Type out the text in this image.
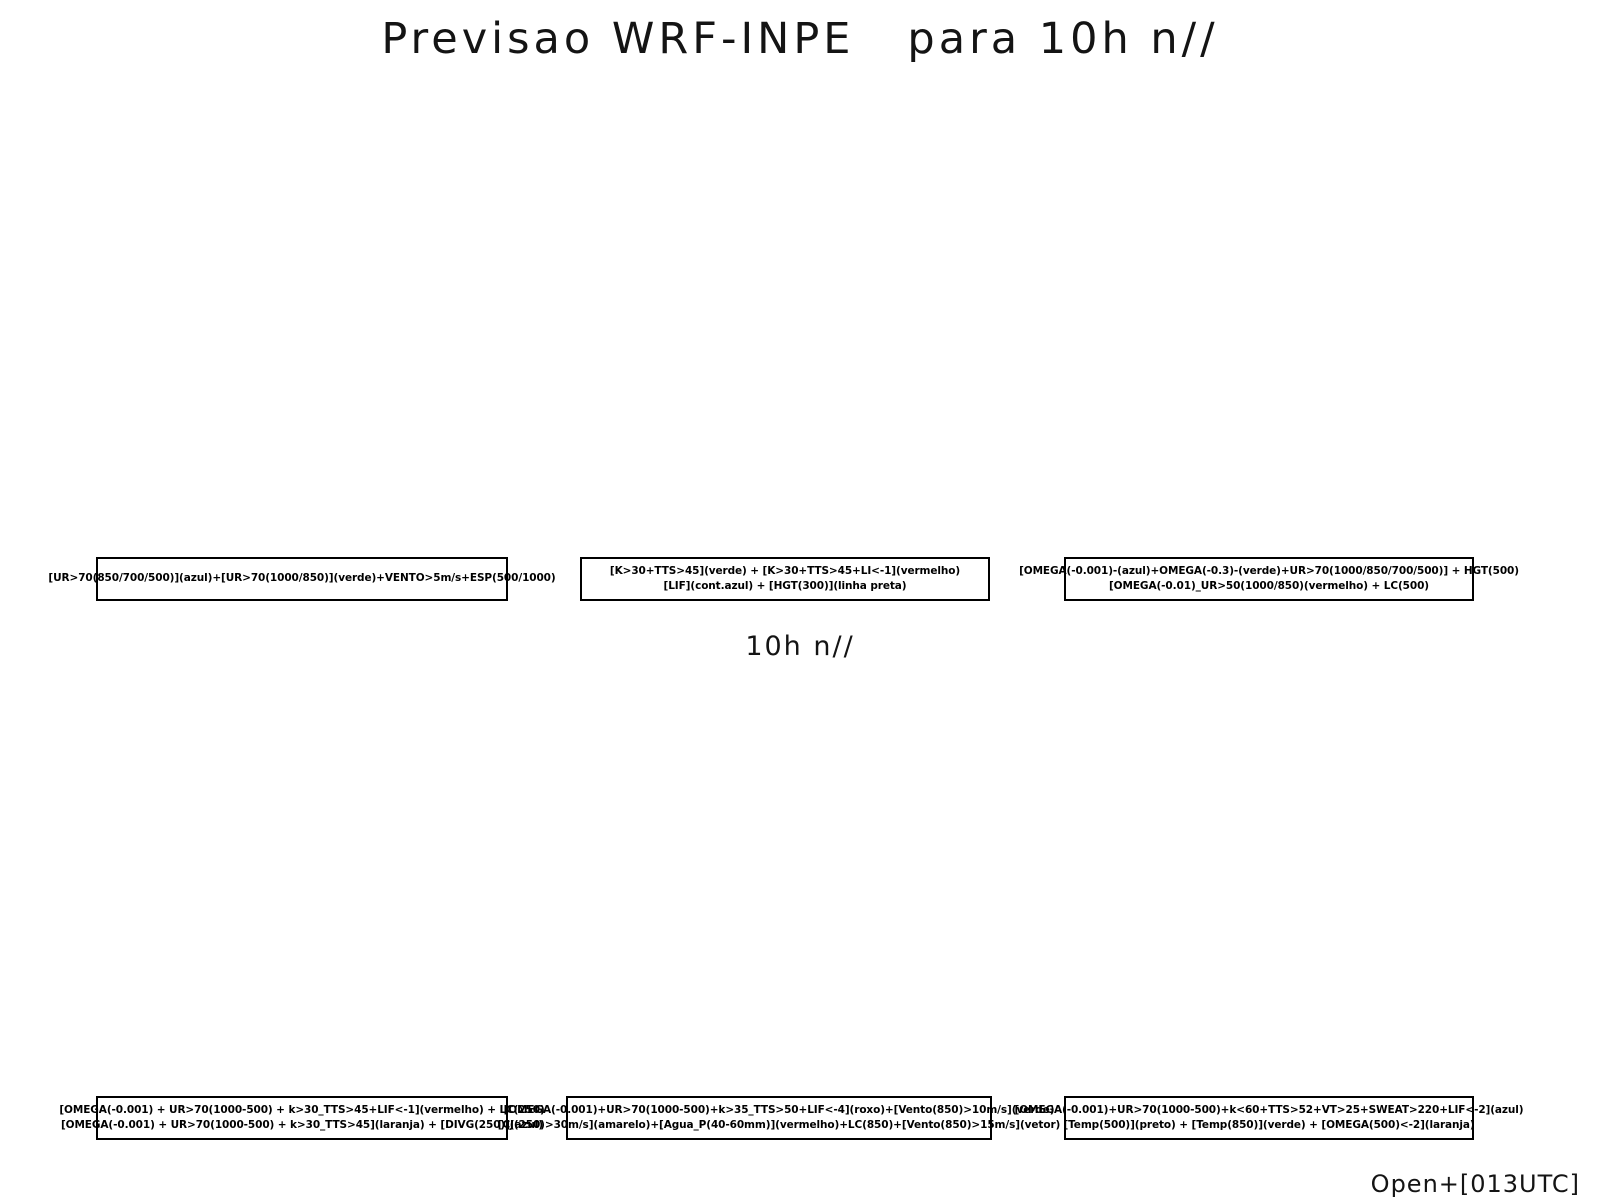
Previsao WRF-INPE   para 10h n//
[UR>70(850/700/500)](azul)+[UR>70(1000/850)](verde)+VENTO>5m/s+ESP(500/1000)
[K>30+TTS>45](verde) + [K>30+TTS>45+LI<-1](vermelho)
[LIF](cont.azul) + [HGT(300)](linha preta)
[OMEGA(-0.001)-(azul)+OMEGA(-0.3)-(verde)+UR>70(1000/850/700/500)] + HGT(500)
[OMEGA(-0.01)_UR>50(1000/850)(vermelho) + LC(500)
10h n//
[OMEGA(-0.001) + UR>70(1000-500) + k>30_TTS>45+LIF<-1](vermelho) + LC(250)
[OMEGA(-0.001) + UR>70(1000-500) + k>30_TTS>45](laranja) + [DIVG(250)](azul)
[OMEGA(-0.001)+UR>70(1000-500)+k>35_TTS>50+LIF<-4](roxo)+[Vento(850)>10m/s](verde)
[CJ(250)>30m/s](amarelo)+[Agua_P(40-60mm)](vermelho)+LC(850)+[Vento(850)>15m/s](vetor)
[OMEGA(-0.001)+UR>70(1000-500)+k<60+TTS>52+VT>25+SWEAT>220+LIF<-2](azul)
[Temp(500)](preto) + [Temp(850)](verde) + [OMEGA(500)<-2](laranja)
Open+[013UTC]
